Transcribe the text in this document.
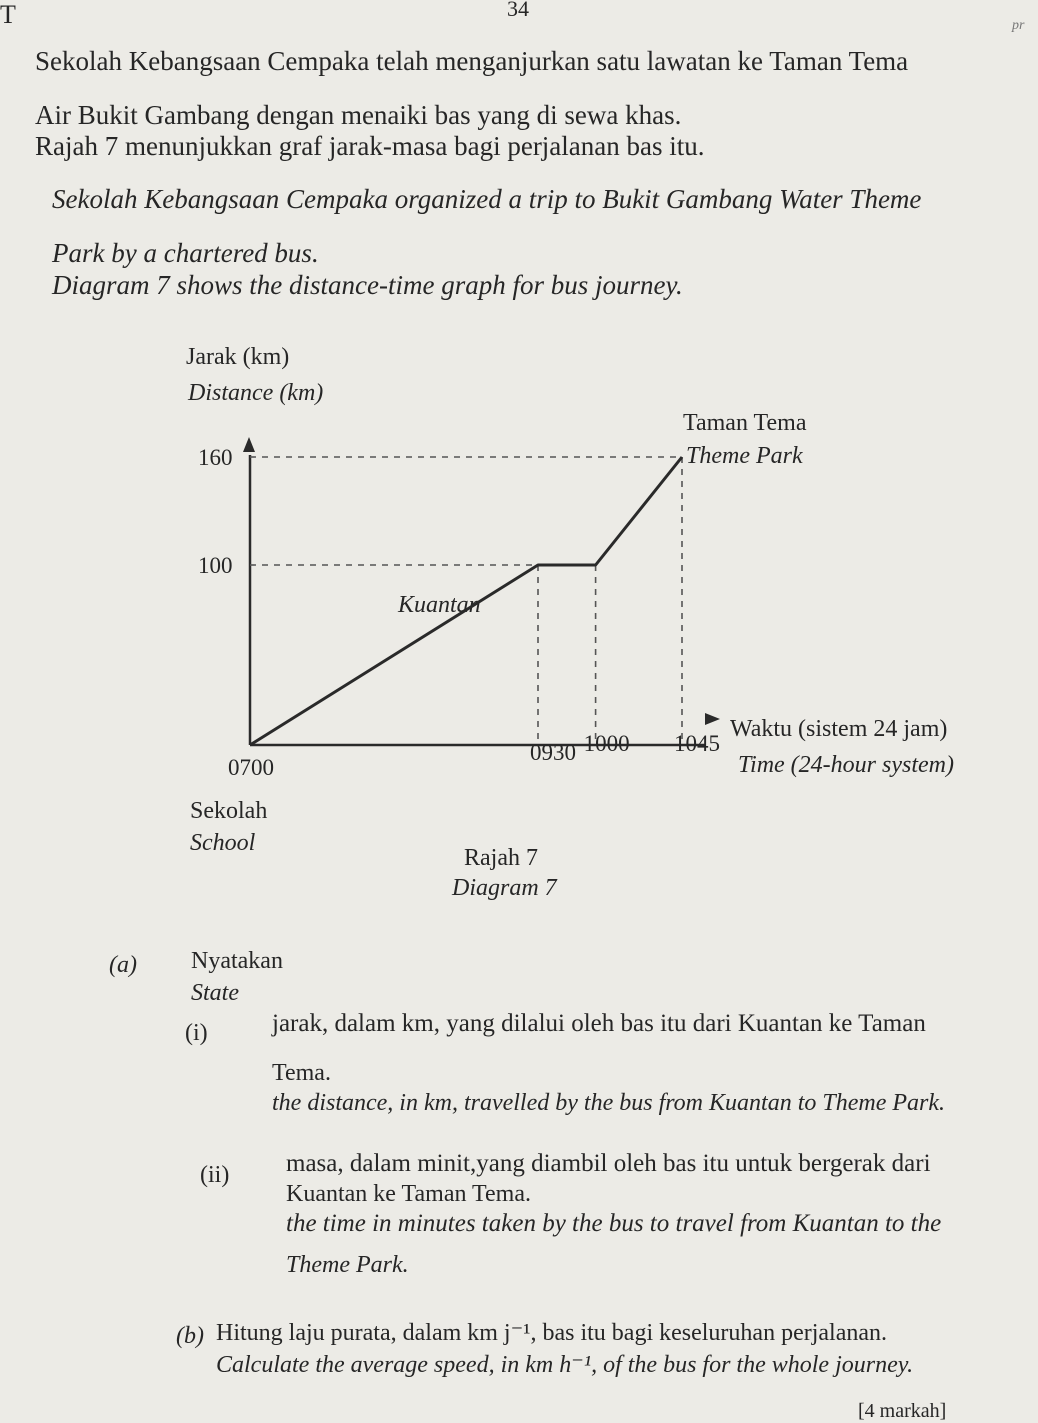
T	34
pr
Sekolah Kebangsaan Cempaka telah menganjurkan satu lawatan ke Taman Tema
Air Bukit Gambang dengan menaiki bas yang di sewa khas.
Rajah 7 menunjukkan graf jarak-masa bagi perjalanan bas itu.
Sekolah Kebangsaan Cempaka organized a trip to Bukit Gambang Water Theme
Park by a chartered bus.
Diagram 7 shows the distance-time graph for bus journey.
Jarak (km)
Distance (km)
Taman Tema
Theme Park
Kuantan
Waktu (sistem 24 jam)
Time (24-hour system)
Sekolah
School
0700
0930 1000 1045
100
160
Rajah 7
Diagram 7
(a) Nyatakan
State
(i)	jarak, dalam km, yang dilalui oleh bas itu dari Kuantan ke Taman
Tema.
the distance, in km, travelled by the bus from Kuantan to Theme Park.
(ii) masa, dalam minit,yang diambil oleh bas itu untuk bergerak dari
Kuantan ke Taman Tema.
the time in minutes taken by the bus to travel from Kuantan to the
Theme Park.
(b) Hitung laju purata, dalam km j⁻¹, bas itu bagi keseluruhan perjalanan.
Calculate the average speed, in km h⁻¹, of the bus for the whole journey.
[4 markah]
